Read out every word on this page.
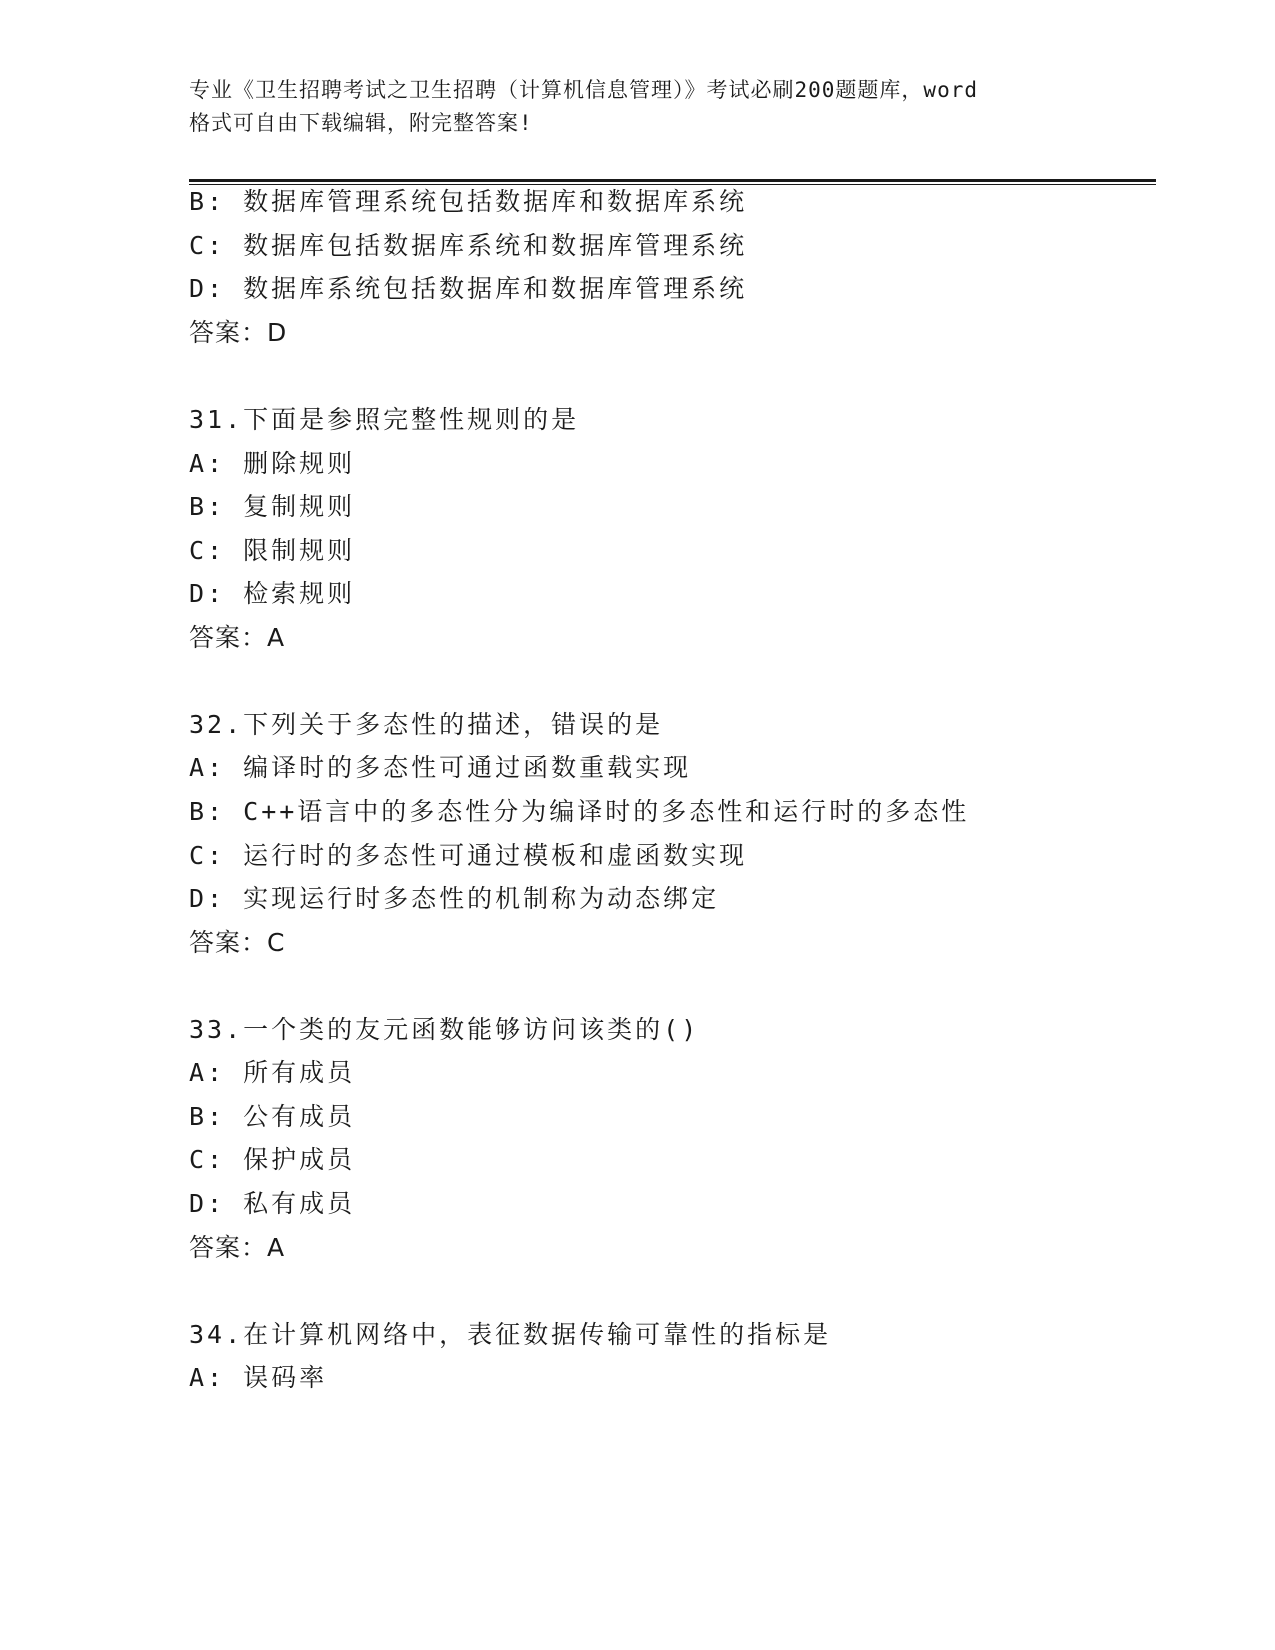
专业《卫生招聘考试之卫生招聘（计算机信息管理）》考试必刷200题题库，word
格式可自由下载编辑，附完整答案!
B: 数据库管理系统包括数据库和数据库系统
C: 数据库包括数据库系统和数据库管理系统
D: 数据库系统包括数据库和数据库管理系统
答案：D
31.下面是参照完整性规则的是
A: 删除规则
B: 复制规则
C: 限制规则
D: 检索规则
答案：A
32.下列关于多态性的描述，错误的是
A: 编译时的多态性可通过函数重载实现
B: C++语言中的多态性分为编译时的多态性和运行时的多态性
C: 运行时的多态性可通过模板和虚函数实现
D: 实现运行时多态性的机制称为动态绑定
答案：C
33.一个类的友元函数能够访问该类的()
A: 所有成员
B: 公有成员
C: 保护成员
D: 私有成员
答案：A
34.在计算机网络中，表征数据传输可靠性的指标是
A: 误码率
